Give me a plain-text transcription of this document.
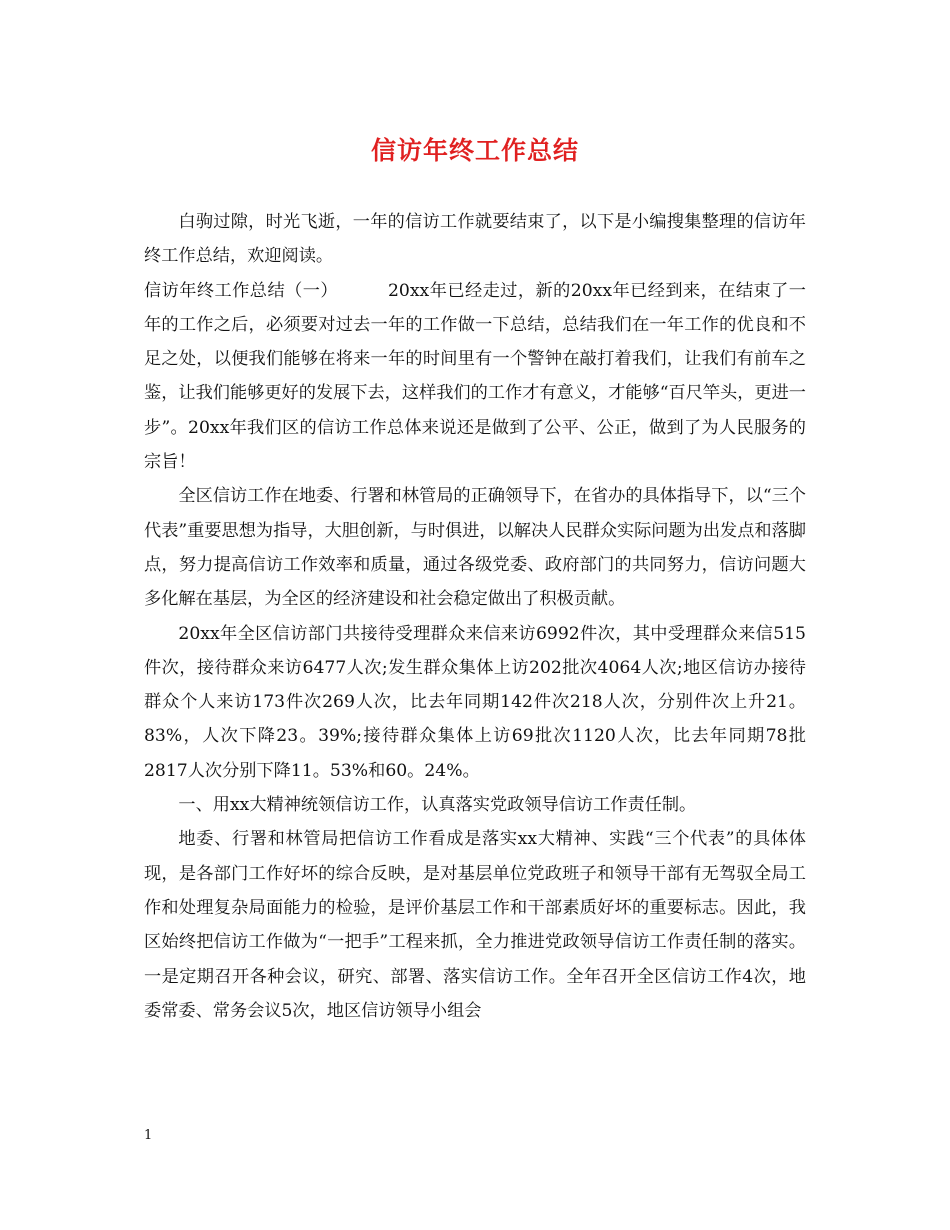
信访年终工作总结

白驹过隙，时光飞逝，一年的信访工作就要结束了，以下是小编搜集整理的信访年终工作总结，欢迎阅读。

信访年终工作总结（一）	20xx年已经走过，新的20xx年已经到来，在结束了一年的工作之后，必须要对过去一年的工作做一下总结，总结我们在一年工作的优良和不足之处，以便我们能够在将来一年的时间里有一个警钟在敲打着我们，让我们有前车之鉴，让我们能够更好的发展下去，这样我们的工作才有意义，才能够“百尺竿头，更进一步”。20xx年我们区的信访工作总体来说还是做到了公平、公正，做到了为人民服务的宗旨！

全区信访工作在地委、行署和林管局的正确领导下，在省办的具体指导下，以“三个代表”重要思想为指导，大胆创新，与时俱进，以解决人民群众实际问题为出发点和落脚点，努力提高信访工作效率和质量，通过各级党委、政府部门的共同努力，信访问题大多化解在基层，为全区的经济建设和社会稳定做出了积极贡献。

20xx年全区信访部门共接待受理群众来信来访6992件次，其中受理群众来信515件次，接待群众来访6477人次;发生群众集体上访202批次4064人次;地区信访办接待群众个人来访173件次269人次，比去年同期142件次218人次，分别件次上升21。83%，人次下降23。39%;接待群众集体上访69批次1120人次，比去年同期78批2817人次分别下降11。53%和60。24%。

一、用xx大精神统领信访工作，认真落实党政领导信访工作责任制。

地委、行署和林管局把信访工作看成是落实xx大精神、实践“三个代表”的具体体现，是各部门工作好坏的综合反映，是对基层单位党政班子和领导干部有无驾驭全局工作和处理复杂局面能力的检验，是评价基层工作和干部素质好坏的重要标志。因此，我区始终把信访工作做为“一把手”工程来抓，全力推进党政领导信访工作责任制的落实。一是定期召开各种会议，研究、部署、落实信访工作。全年召开全区信访工作4次，地委常委、常务会议5次，地区信访领导小组会

1
